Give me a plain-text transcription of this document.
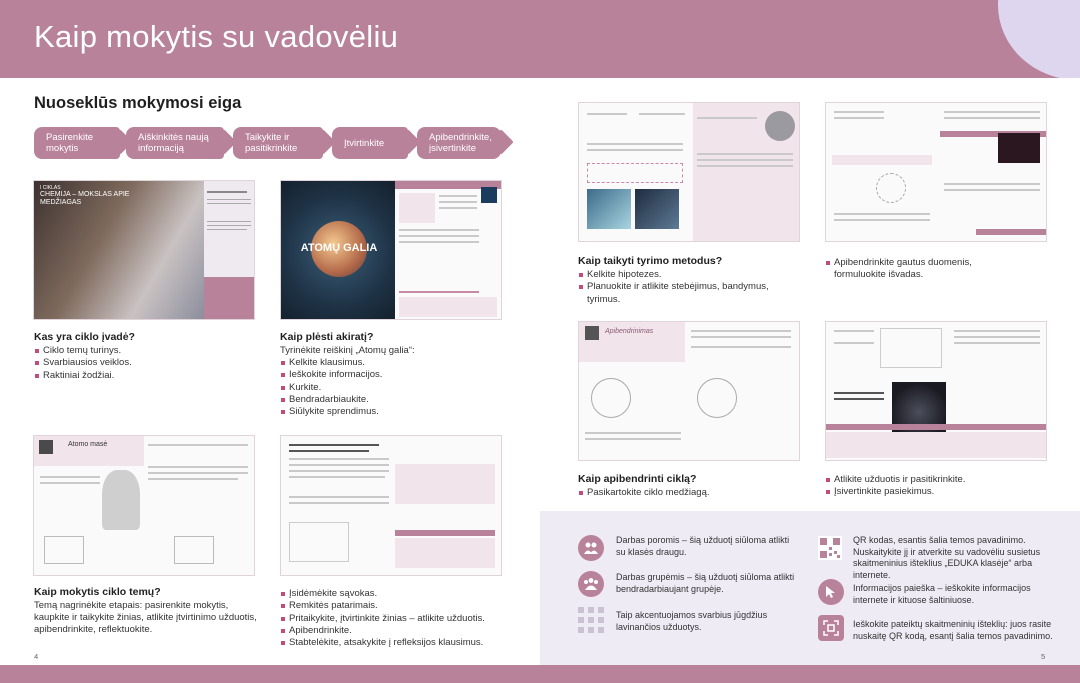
Kaip mokytis su vadovėliu
Nuoseklūs mokymosi eiga
Pasirenkite mokytis
Aiškinkitės naują informaciją
Taikykite ir pasitikrinkite	Įtvirtinkite	Apibendrinkite, įsivertinkite
I CIKLAS
CHEMIJA – MOKSLAS APIE MEDŽIAGAS
ATOMŲ GALIA
Atomo masė
Apibendrinimas
Kas yra ciklo įvadė?
Ciklo temų turinys.
Svarbiausios veiklos.
Raktiniai žodžiai.
Kaip plėsti akiratį?
Tyrinėkite reiškinį „Atomų galia“:
Kelkite klausimus.
Ieškokite informacijos.
Kurkite.
Bendradarbiaukite.
Siūlykite sprendimus.
Kaip taikyti tyrimo metodus?
Kelkite hipotezes.
Planuokite ir atlikite stebėjimus, bandymus, tyrimus.
Apibendrinkite gautus duomenis, formuluokite išvadas.
Kaip mokytis ciklo temų?
Temą nagrinėkite etapais: pasirenkite mokytis, kaupkite ir taikykite žinias, atlikite įtvirtinimo užduotis, apibendrinkite, reflektuokite.
Įsidėmėkite sąvokas.
Remkitės patarimais.
Pritaikykite, įtvirtinkite žinias – atlikite užduotis.
Apibendrinkite.
Stabtelėkite, atsakykite į refleksijos klausimus.
Kaip apibendrinti ciklą?
Pasikartokite ciklo medžiagą.
Atlikite užduotis ir pasitikrinkite.
Įsivertinkite pasiekimus.
Darbas poromis – šią užduotį siūloma atlikti su klasės draugu.
Darbas grupėmis – šią užduotį siūloma atlikti bendradarbiaujant grupėje.
Taip akcentuojamos svarbius jūgdžius lavinančios užduotys.
QR kodas, esantis šalia temos pavadinimo. Nuskaitykite jį ir atverkite su vadovėliu susietus skaitmeninius išteklius „EDUKA klasėje“ arba internete.
Informacijos paieška – ieškokite informacijos internete ir kituose šaltiniuose.
Ieškokite pateiktų skaitmeninių išteklių: juos rasite nuskaitę QR kodą, esantį šalia temos pavadinimo.
4	5
